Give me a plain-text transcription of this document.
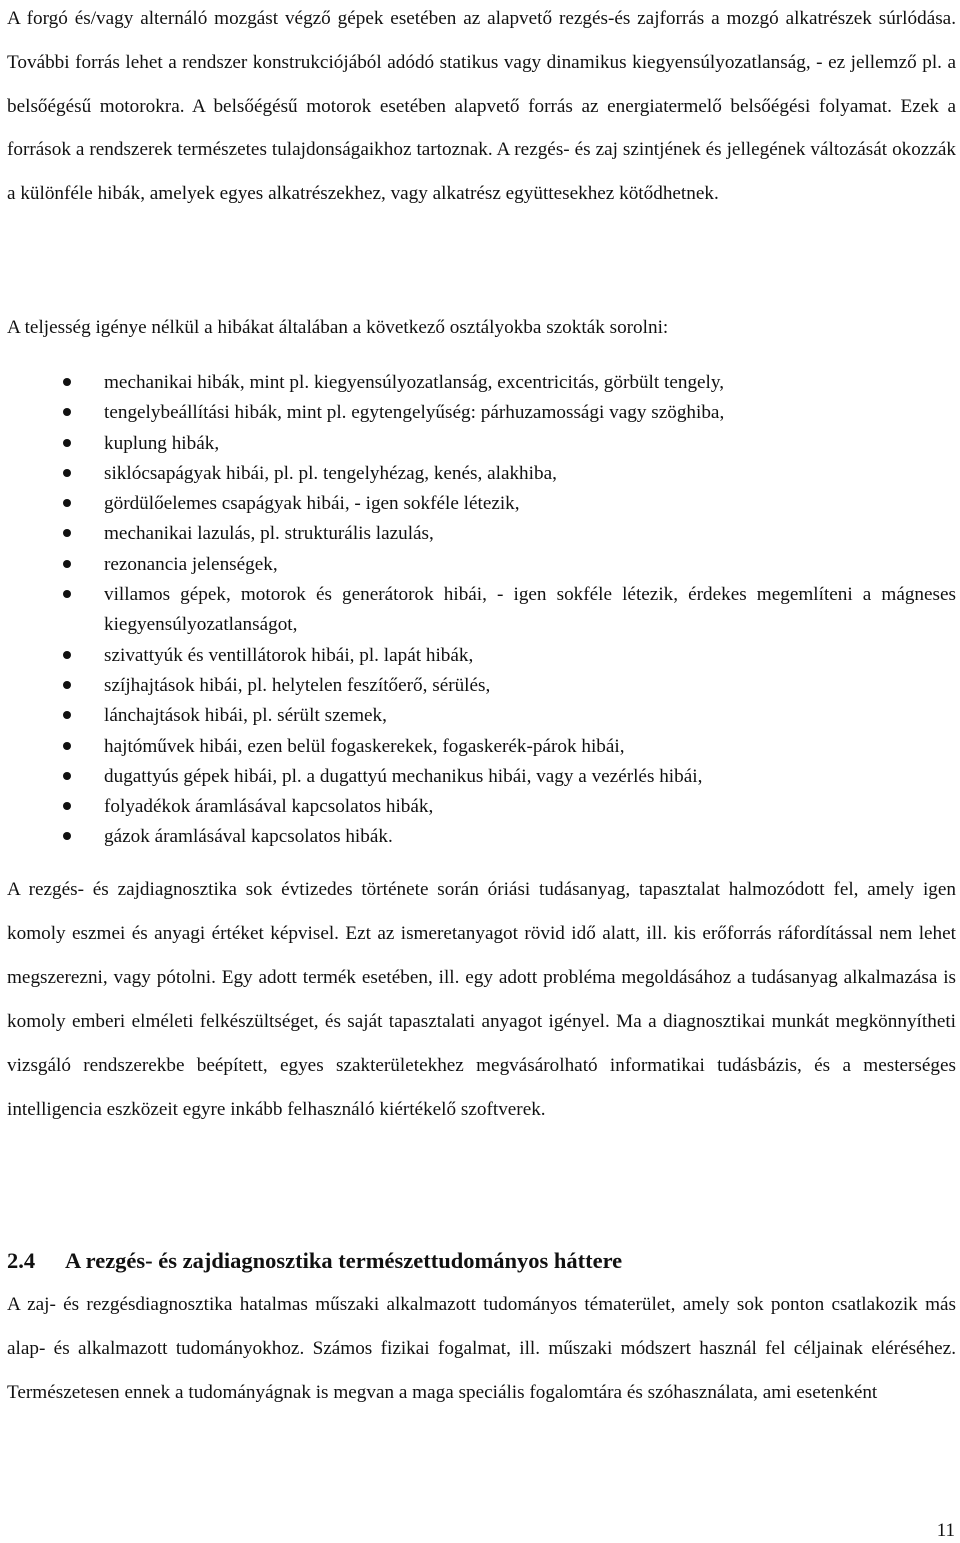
A forgó és/vagy alternáló mozgást végző gépek esetében az alapvető rezgés-és zajforrás a mozgó alkatrészek súrlódása. További forrás lehet a rendszer konstrukciójából adódó statikus vagy dinamikus kiegyensúlyozatlanság, - ez jellemző pl. a belsőégésű motorokra. A belsőégésű motorok esetében alapvető forrás az energiatermelő belsőégési folyamat. Ezek a források a rendszerek természetes tulajdonságaikhoz tartoznak. A rezgés- és zaj szintjének és jellegének változását okozzák a különféle hibák, amelyek egyes alkatrészekhez, vagy alkatrész együttesekhez kötődhetnek.

A teljesség igénye nélkül a hibákat általában a következő osztályokba szokták sorolni:

mechanikai hibák, mint pl. kiegyensúlyozatlanság, excentricitás, görbült tengely,
tengelybeállítási hibák, mint pl. egytengelyűség: párhuzamossági vagy szöghiba,
kuplung hibák,
siklócsapágyak hibái, pl. pl. tengelyhézag, kenés, alakhiba,
gördülőelemes csapágyak hibái, - igen sokféle létezik,
mechanikai lazulás, pl. strukturális lazulás,
rezonancia jelenségek,
villamos gépek, motorok és generátorok hibái, - igen sokféle létezik, érdekes megemlíteni a mágneses kiegyensúlyozatlanságot,
szivattyúk és ventillátorok hibái, pl. lapát hibák,
szíjhajtások hibái, pl. helytelen feszítőerő, sérülés,
lánchajtások hibái, pl. sérült szemek,
hajtóművek hibái, ezen belül fogaskerekek, fogaskerék-párok hibái,
dugattyús gépek hibái, pl. a dugattyú mechanikus hibái, vagy a vezérlés hibái,
folyadékok áramlásával kapcsolatos hibák,
gázok áramlásával kapcsolatos hibák.

A rezgés- és zajdiagnosztika sok évtizedes története során óriási tudásanyag, tapasztalat halmozódott fel, amely igen komoly eszmei és anyagi értéket képvisel. Ezt az ismeretanyagot rövid idő alatt, ill. kis erőforrás ráfordítással nem lehet megszerezni, vagy pótolni. Egy adott termék esetében, ill. egy adott probléma megoldásához a tudásanyag alkalmazása is komoly emberi elméleti felkészültséget, és saját tapasztalati anyagot igényel. Ma a diagnosztikai munkát megkönnyítheti vizsgáló rendszerekbe beépített, egyes szakterületekhez megvásárolható informatikai tudásbázis, és a mesterséges intelligencia eszközeit egyre inkább felhasználó kiértékelő szoftverek.

2.4 A rezgés- és zajdiagnosztika természettudományos háttere

A zaj- és rezgésdiagnosztika hatalmas műszaki alkalmazott tudományos tématerület, amely sok ponton csatlakozik más alap- és alkalmazott tudományokhoz. Számos fizikai fogalmat, ill. műszaki módszert használ fel céljainak eléréséhez. Természetesen ennek a tudományágnak is megvan a maga speciális fogalomtára és szóhasználata, ami esetenként

11
